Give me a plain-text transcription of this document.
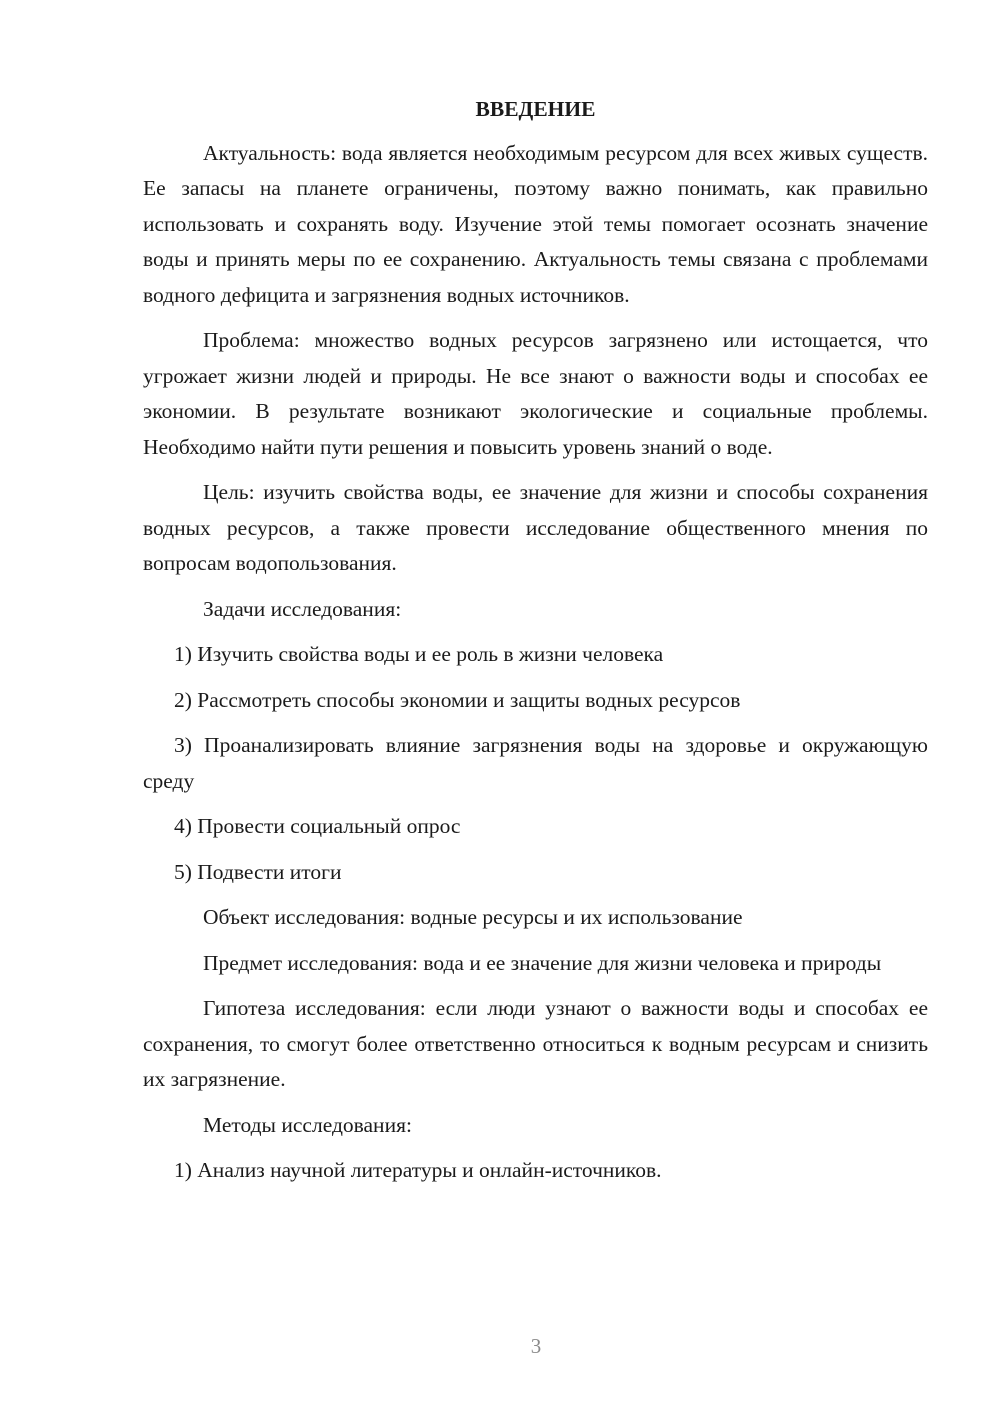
ВВЕДЕНИЕ

Актуальность: вода является необходимым ресурсом для всех живых существ. Ее запасы на планете ограничены, поэтому важно понимать, как правильно использовать и сохранять воду. Изучение этой темы помогает осознать значение воды и принять меры по ее сохранению. Актуальность темы связана с проблемами водного дефицита и загрязнения водных источников.

Проблема: множество водных ресурсов загрязнено или истощается, что угрожает жизни людей и природы. Не все знают о важности воды и способах ее экономии. В результате возникают экологические и социальные проблемы. Необходимо найти пути решения и повысить уровень знаний о воде.

Цель: изучить свойства воды, ее значение для жизни и способы сохранения водных ресурсов, а также провести исследование общественного мнения по вопросам водопользования.

Задачи исследования:

1) Изучить свойства воды и ее роль в жизни человека

2) Рассмотреть способы экономии и защиты водных ресурсов

3) Проанализировать влияние загрязнения воды на здоровье и окружающую среду

4) Провести социальный опрос

5) Подвести итоги

Объект исследования: водные ресурсы и их использование

Предмет исследования: вода и ее значение для жизни человека и природы

Гипотеза исследования: если люди узнают о важности воды и способах ее сохранения, то смогут более ответственно относиться к водным ресурсам и снизить их загрязнение.

Методы исследования:

1) Анализ научной литературы и онлайн-источников.

3
